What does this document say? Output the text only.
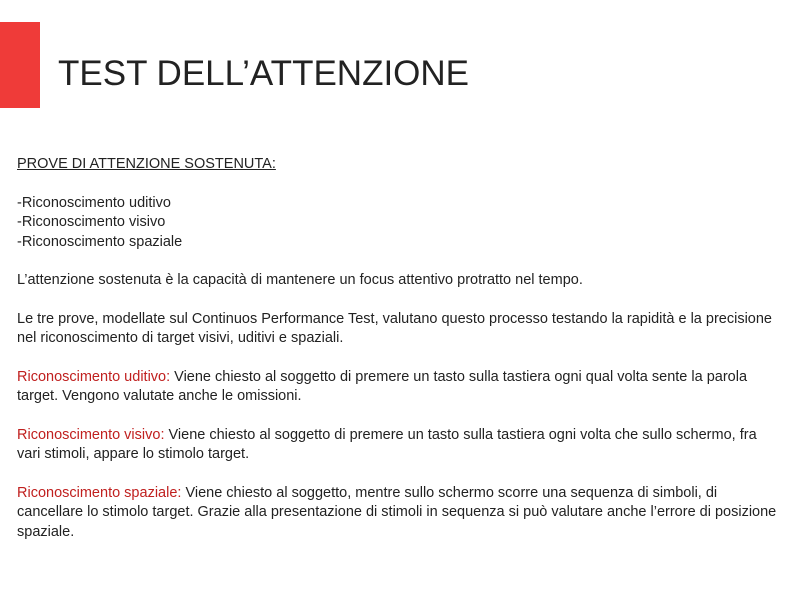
TEST DELL’ATTENZIONE

PROVE DI ATTENZIONE SOSTENUTA:

-Riconoscimento uditivo

-Riconoscimento visivo

-Riconoscimento spaziale

L’attenzione sostenuta è la capacità di mantenere un focus attentivo protratto nel tempo.

Le tre prove, modellate sul Continuos Performance Test, valutano questo processo testando la rapidità e la precisione nel riconoscimento di target visivi, uditivi e spaziali.

Riconoscimento uditivo: Viene chiesto al soggetto di premere un tasto sulla tastiera ogni qual volta sente la parola target. Vengono valutate anche le omissioni.

Riconoscimento visivo: Viene chiesto al soggetto di premere un tasto sulla tastiera ogni volta che sullo schermo, fra vari stimoli, appare lo stimolo target.

Riconoscimento spaziale: Viene chiesto al soggetto, mentre sullo schermo scorre una sequenza di simboli, di cancellare lo stimolo target. Grazie alla presentazione di stimoli in sequenza si può valutare anche l’errore di posizione spaziale.
